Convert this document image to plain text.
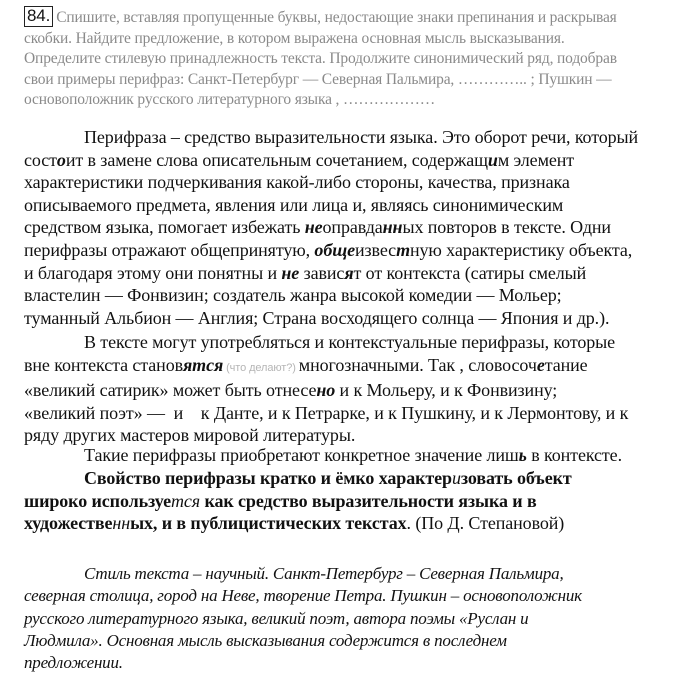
84. Спишите, вставляя пропущенные буквы, недостающие знаки препинания и раскрывая
скобки. Найдите предложение, в котором выражена основная мысль высказывания.
Определите стилевую принадлежность текста. Продолжите синонимический ряд, подобрав
свои примеры перифраз: Санкт-Петербург — Северная Пальмира, ………….. ; Пушкин —
основоположник русского литературного языка , ………………
Перифраза – средство выразительности языка. Это оборот речи, который
состоит в замене слова описательным сочетанием, содержащим элемент
характеристики подчеркивания какой-либо стороны, качества, признака
описываемого предмета, явления или лица и, являясь синонимическим
средством языка, помогает избежать неоправданных повторов в тексте. Одни
перифразы отражают общепринятую, общеизвестную характеристику объекта,
и благодаря этому они понятны и не зависят от контекста (сатиры смелый
властелин — Фонвизин; создатель жанра высокой комедии — Мольер;
туманный Альбион — Англия; Страна восходящего солнца — Япония и др.).
В тексте могут употребляться и контекстуальные перифразы, которые
вне контекста становятся (что делают?) многозначными. Так , словосочетание
«великий сатирик» может быть отнесено и к Мольеру, и к Фонвизину;
«великий поэт» —  и    к Данте, и к Петрарке, и к Пушкину, и к Лермонтову, и к
ряду других мастеров мировой литературы.
Такие перифразы приобретают конкретное значение лишь в контексте.
Свойство перифразы кратко и ёмко характеризовать объект
широко используется как средство выразительности языка и в
художественных, и в публицистических текстах. (По Д. Степановой)
Стиль текста – научный. Санкт-Петербург – Северная Пальмира,
северная столица, город на Неве, творение Петра. Пушкин – основоположник
русского литературного языка, великий поэт, автора поэмы «Руслан и
Людмила». Основная мысль высказывания содержится в последнем
предложении.
